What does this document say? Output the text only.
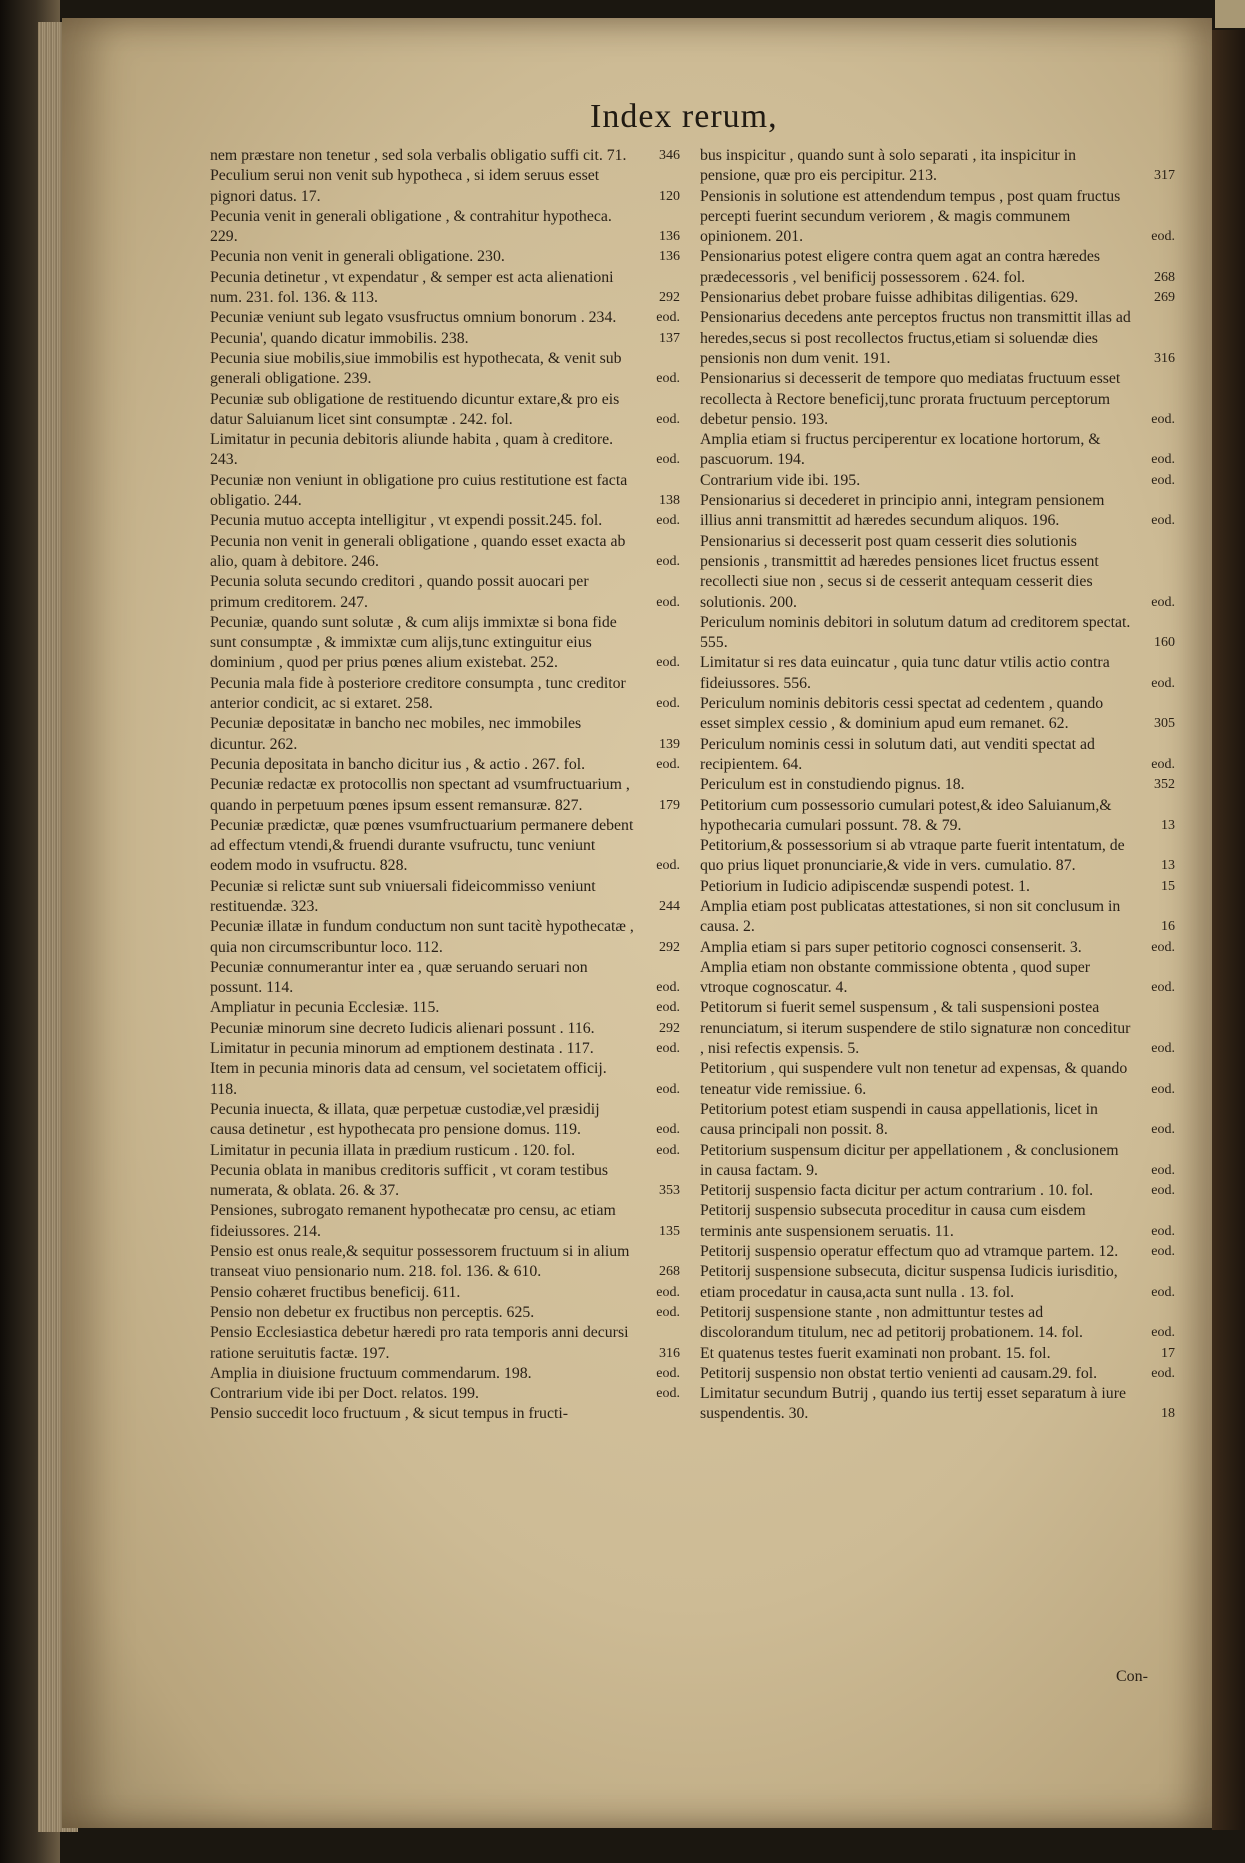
Index rerum,
nem præstare non tenetur , sed sola verbalis obligatio suffi cit. 71.	346
Peculium serui non venit sub hypotheca , si idem seruus esset pignori datus. 17.	120
Pecunia venit in generali obligatione , & contrahitur hypotheca. 229.	136
Pecunia non venit in generali obligatione. 230.	136
Pecunia detinetur , vt expendatur , & semper est acta alienationi num. 231. fol. 136. & 113.	292
Pecuniæ veniunt sub legato vsusfructus omnium bonorum . 234.	eod.
Pecunia', quando dicatur immobilis. 238.	137
Pecunia siue mobilis,siue immobilis est hypothecata, & venit sub generali obligatione. 239.	eod.
Pecuniæ sub obligatione de restituendo dicuntur extare,& pro eis datur Saluianum licet sint consumptæ . 242. fol.	eod.
Limitatur in pecunia debitoris aliunde habita , quam à creditore. 243.	eod.
Pecuniæ non veniunt in obligatione pro cuius restitutione est facta obligatio. 244.	138
Pecunia mutuo accepta intelligitur , vt expendi possit.245. fol.	eod.
Pecunia non venit in generali obligatione , quando esset exacta ab alio, quam à debitore. 246.	eod.
Pecunia soluta secundo creditori , quando possit auocari per primum creditorem. 247.	eod.
Pecuniæ, quando sunt solutæ , & cum alijs immixtæ si bona fide sunt consumptæ , & immixtæ cum alijs,tunc extinguitur eius dominium , quod per prius pœnes alium existebat. 252.	eod.
Pecunia mala fide à posteriore creditore consumpta , tunc creditor anterior condicit, ac si extaret. 258.	eod.
Pecuniæ depositatæ in bancho nec mobiles, nec immobiles dicuntur. 262.	139
Pecunia depositata in bancho dicitur ius , & actio . 267. fol.	eod.
Pecuniæ redactæ ex protocollis non spectant ad vsumfructuarium , quando in perpetuum pœnes ipsum essent remansuræ. 827.	179
Pecuniæ prædictæ, quæ pœnes vsumfructuarium permanere debent ad effectum vtendi,& fruendi durante vsufructu, tunc veniunt eodem modo in vsufructu. 828.	eod.
Pecuniæ si relictæ sunt sub vniuersali fideicommisso veniunt restituendæ. 323.	244
Pecuniæ illatæ in fundum conductum non sunt tacitè hypothecatæ , quia non circumscribuntur loco. 112.	292
Pecuniæ connumerantur inter ea , quæ seruando seruari non possunt. 114.	eod.
Ampliatur in pecunia Ecclesiæ. 115.	eod.
Pecuniæ minorum sine decreto Iudicis alienari possunt . 116.	292
Limitatur in pecunia minorum ad emptionem destinata . 117.	eod.
Item in pecunia minoris data ad censum, vel societatem officij. 118.	eod.
Pecunia inuecta, & illata, quæ perpetuæ custodiæ,vel præsidij causa detinetur , est hypothecata pro pensione domus. 119.	eod.
Limitatur in pecunia illata in prædium rusticum . 120. fol.	eod.
Pecunia oblata in manibus creditoris sufficit , vt coram testibus numerata, & oblata. 26. & 37.	353
Pensiones, subrogato remanent hypothecatæ pro censu, ac etiam fideiussores. 214.	135
Pensio est onus reale,& sequitur possessorem fructuum si in alium transeat viuo pensionario num. 218. fol. 136. & 610.	268
Pensio cohæret fructibus beneficij. 611.	eod.
Pensio non debetur ex fructibus non perceptis. 625.	eod.
Pensio Ecclesiastica debetur hæredi pro rata temporis anni decursi ratione seruitutis factæ. 197.	316
Amplia in diuisione fructuum commendarum. 198.	eod.
Contrarium vide ibi per Doct. relatos. 199.	eod.
Pensio succedit loco fructuum , & sicut tempus in fructi-
bus inspicitur , quando sunt à solo separati , ita inspicitur in pensione, quæ pro eis percipitur. 213.	317
Pensionis in solutione est attendendum tempus , post quam fructus percepti fuerint secundum veriorem , & magis communem opinionem. 201.	eod.
Pensionarius potest eligere contra quem agat an contra hæredes prædecessoris , vel benificij possessorem . 624. fol.	268
Pensionarius debet probare fuisse adhibitas diligentias. 629.	269
Pensionarius decedens ante perceptos fructus non transmittit illas ad heredes,secus si post recollectos fructus,etiam si soluendæ dies pensionis non dum venit. 191.	316
Pensionarius si decesserit de tempore quo mediatas fructuum esset recollecta à Rectore beneficij,tunc prorata fructuum perceptorum debetur pensio. 193.	eod.
Amplia etiam si fructus perciperentur ex locatione hortorum, & pascuorum. 194.	eod.
Contrarium vide ibi. 195.	eod.
Pensionarius si decederet in principio anni, integram pensionem illius anni transmittit ad hæredes secundum aliquos. 196.	eod.
Pensionarius si decesserit post quam cesserit dies solutionis pensionis , transmittit ad hæredes pensiones licet fructus essent recollecti siue non , secus si de cesserit antequam cesserit dies solutionis. 200.	eod.
Periculum nominis debitori in solutum datum ad creditorem spectat. 555.	160
Limitatur si res data euincatur , quia tunc datur vtilis actio contra fideiussores. 556.	eod.
Periculum nominis debitoris cessi spectat ad cedentem , quando esset simplex cessio , & dominium apud eum remanet. 62.	305
Periculum nominis cessi in solutum dati, aut venditi spectat ad recipientem. 64.	eod.
Periculum est in constudiendo pignus. 18.	352
Petitorium cum possessorio cumulari potest,& ideo Saluianum,& hypothecaria cumulari possunt. 78. & 79.	13
Petitorium,& possessorium si ab vtraque parte fuerit intentatum, de quo prius liquet pronunciarie,& vide in vers. cumulatio. 87.	13
Petiorium in Iudicio adipiscendæ suspendi potest. 1.	15
Amplia etiam post publicatas attestationes, si non sit conclusum in causa. 2.	16
Amplia etiam si pars super petitorio cognosci consenserit. 3.	eod.
Amplia etiam non obstante commissione obtenta , quod super vtroque cognoscatur. 4.	eod.
Petitorum si fuerit semel suspensum , & tali suspensioni postea renunciatum, si iterum suspendere de stilo signaturæ non conceditur , nisi refectis expensis. 5.	eod.
Petitorium , qui suspendere vult non tenetur ad expensas, & quando teneatur vide remissiue. 6.	eod.
Petitorium potest etiam suspendi in causa appellationis, licet in causa principali non possit. 8.	eod.
Petitorium suspensum dicitur per appellationem , & conclusionem in causa factam. 9.	eod.
Petitorij suspensio facta dicitur per actum contrarium . 10. fol.	eod.
Petitorij suspensio subsecuta proceditur in causa cum eisdem terminis ante suspensionem seruatis. 11.	eod.
Petitorij suspensio operatur effectum quo ad vtramque partem. 12.	eod.
Petitorij suspensione subsecuta, dicitur suspensa Iudicis iurisditio, etiam procedatur in causa,acta sunt nulla . 13. fol.	eod.
Petitorij suspensione stante , non admittuntur testes ad discolorandum titulum, nec ad petitorij probationem. 14. fol.	eod.
Et quatenus testes fuerit examinati non probant. 15. fol.	17
Petitorij suspensio non obstat tertio venienti ad causam.29. fol.	eod.
Limitatur secundum Butrij , quando ius tertij esset separatum à iure suspendentis. 30.	18
Con-
